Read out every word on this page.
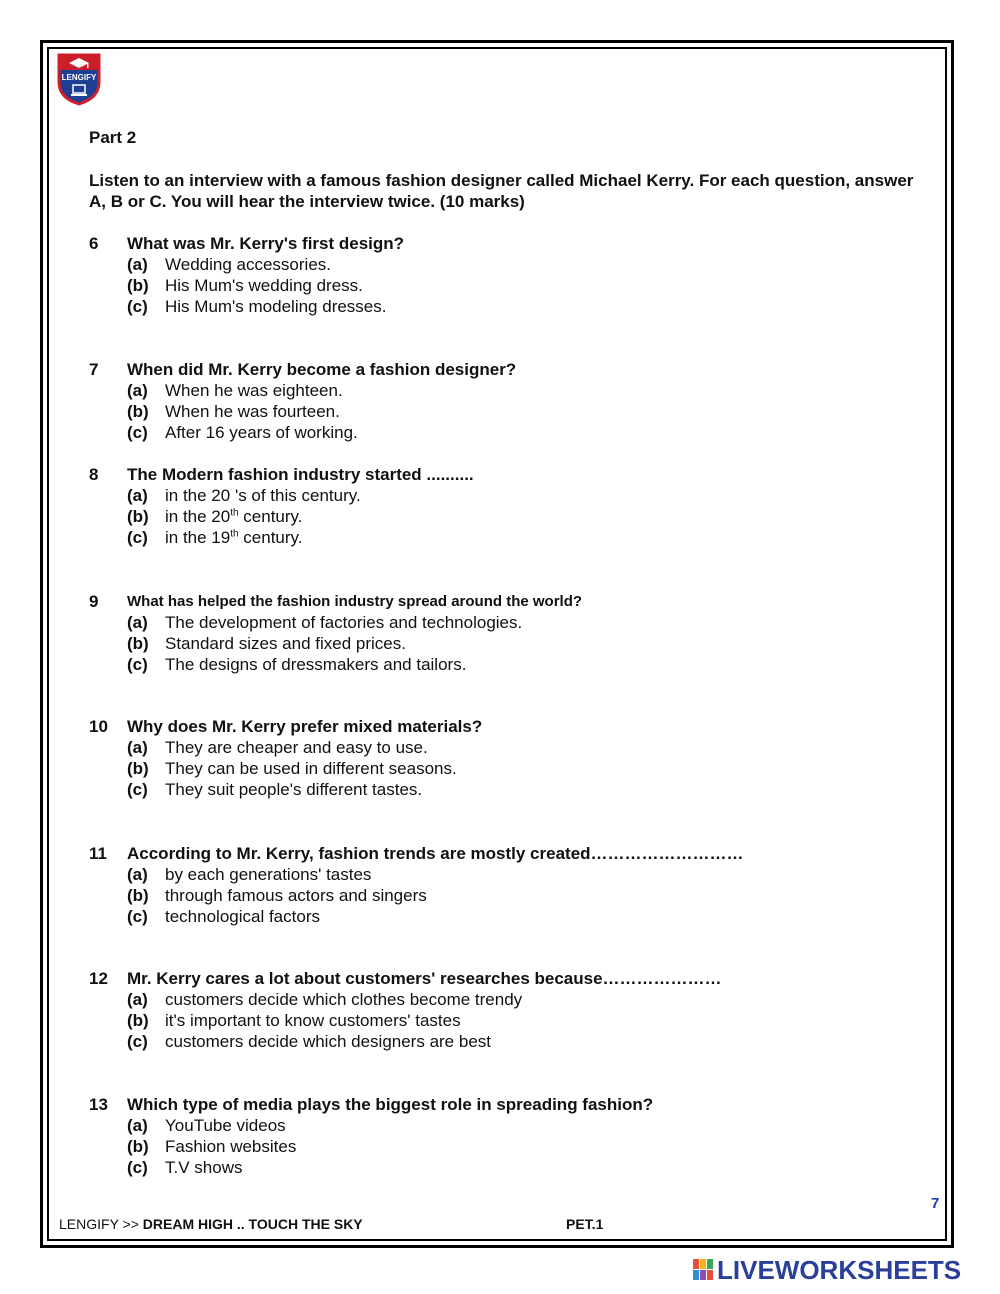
LENGIFY
Part 2
Listen to an interview with a famous fashion designer called Michael Kerry. For each question, answer A, B or C. You will hear the interview twice. (10 marks)
6	What was Mr. Kerry's first design?
(a)	Wedding accessories.
(b) His Mum's wedding dress.
(c)	His Mum's modeling dresses.
7	When did Mr. Kerry become a fashion designer?
(a)	When he was eighteen.
(b) When he was fourteen.
(c)	After 16 years of working.
8	The Modern fashion industry started ..........
(a)	in the 20 's of this century.
(b) in the 20th century.
(c)	in the 19th century.
9	What has helped the fashion industry spread around the world?
(a)	The development of factories and technologies.
(b) Standard sizes and fixed prices.
(c)	The designs of dressmakers and tailors.
10	Why does Mr. Kerry prefer mixed materials?
(a)	They are cheaper and easy to use.
(b) They can be used in different seasons.
(c)	They suit people's different tastes.
11	According to Mr. Kerry, fashion trends are mostly created………………………
(a)	by each generations' tastes
(b) through famous actors and singers
(c)	technological factors
12	Mr. Kerry cares a lot about customers' researches because…………………
(a)	customers decide which clothes become trendy
(b) it's important to know customers' tastes
(c)	customers decide which designers are best
13	Which type of media plays the biggest role in spreading fashion?
(a)	YouTube videos
(b) Fashion websites
(c)	T.V shows
7
LENGIFY >> DREAM HIGH .. TOUCH THE SKY	PET.1
LIVEWORKSHEETS
